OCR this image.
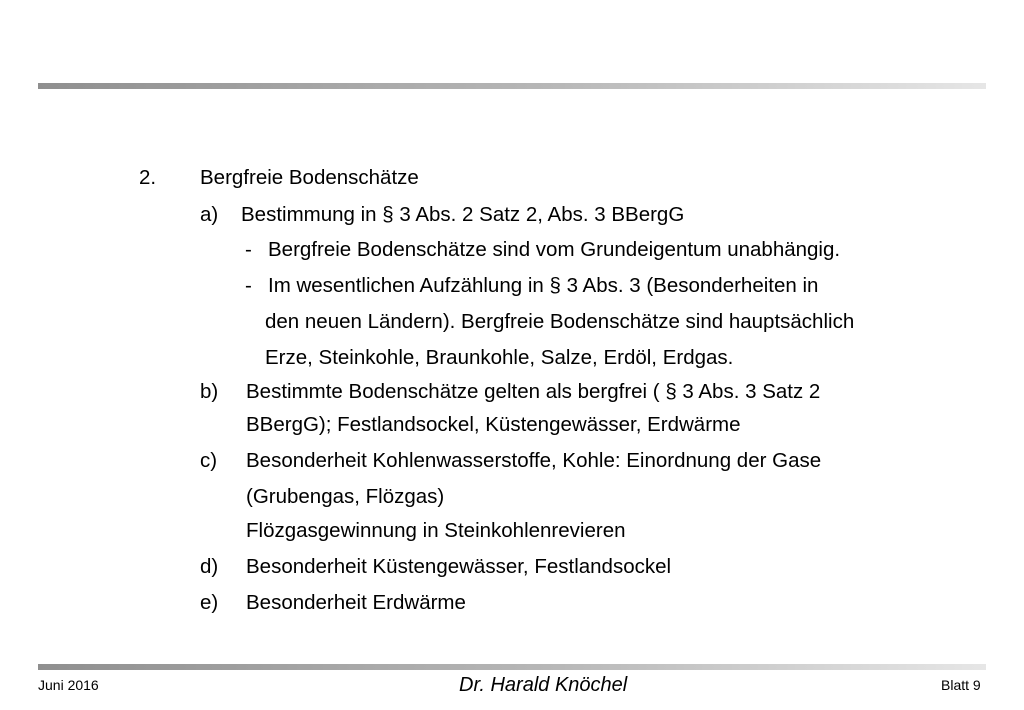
2. Bergfreie Bodenschätze
a) Bestimmung in § 3 Abs. 2 Satz 2, Abs. 3 BBergG
- Bergfreie Bodenschätze sind vom Grundeigentum unabhängig.
- Im wesentlichen Aufzählung in § 3 Abs. 3 (Besonderheiten in
den neuen Ländern). Bergfreie Bodenschätze sind hauptsächlich
Erze, Steinkohle, Braunkohle, Salze, Erdöl, Erdgas.
b) Bestimmte Bodenschätze gelten als bergfrei ( § 3 Abs. 3 Satz 2
BBergG); Festlandsockel, Küstengewässer, Erdwärme
c) Besonderheit Kohlenwasserstoffe, Kohle: Einordnung der Gase
(Grubengas, Flözgas)
Flözgasgewinnung in Steinkohlenrevieren
d) Besonderheit Küstengewässer, Festlandsockel
e) Besonderheit Erdwärme
Juni 2016	Dr. Harald Knöchel	Blatt 9
